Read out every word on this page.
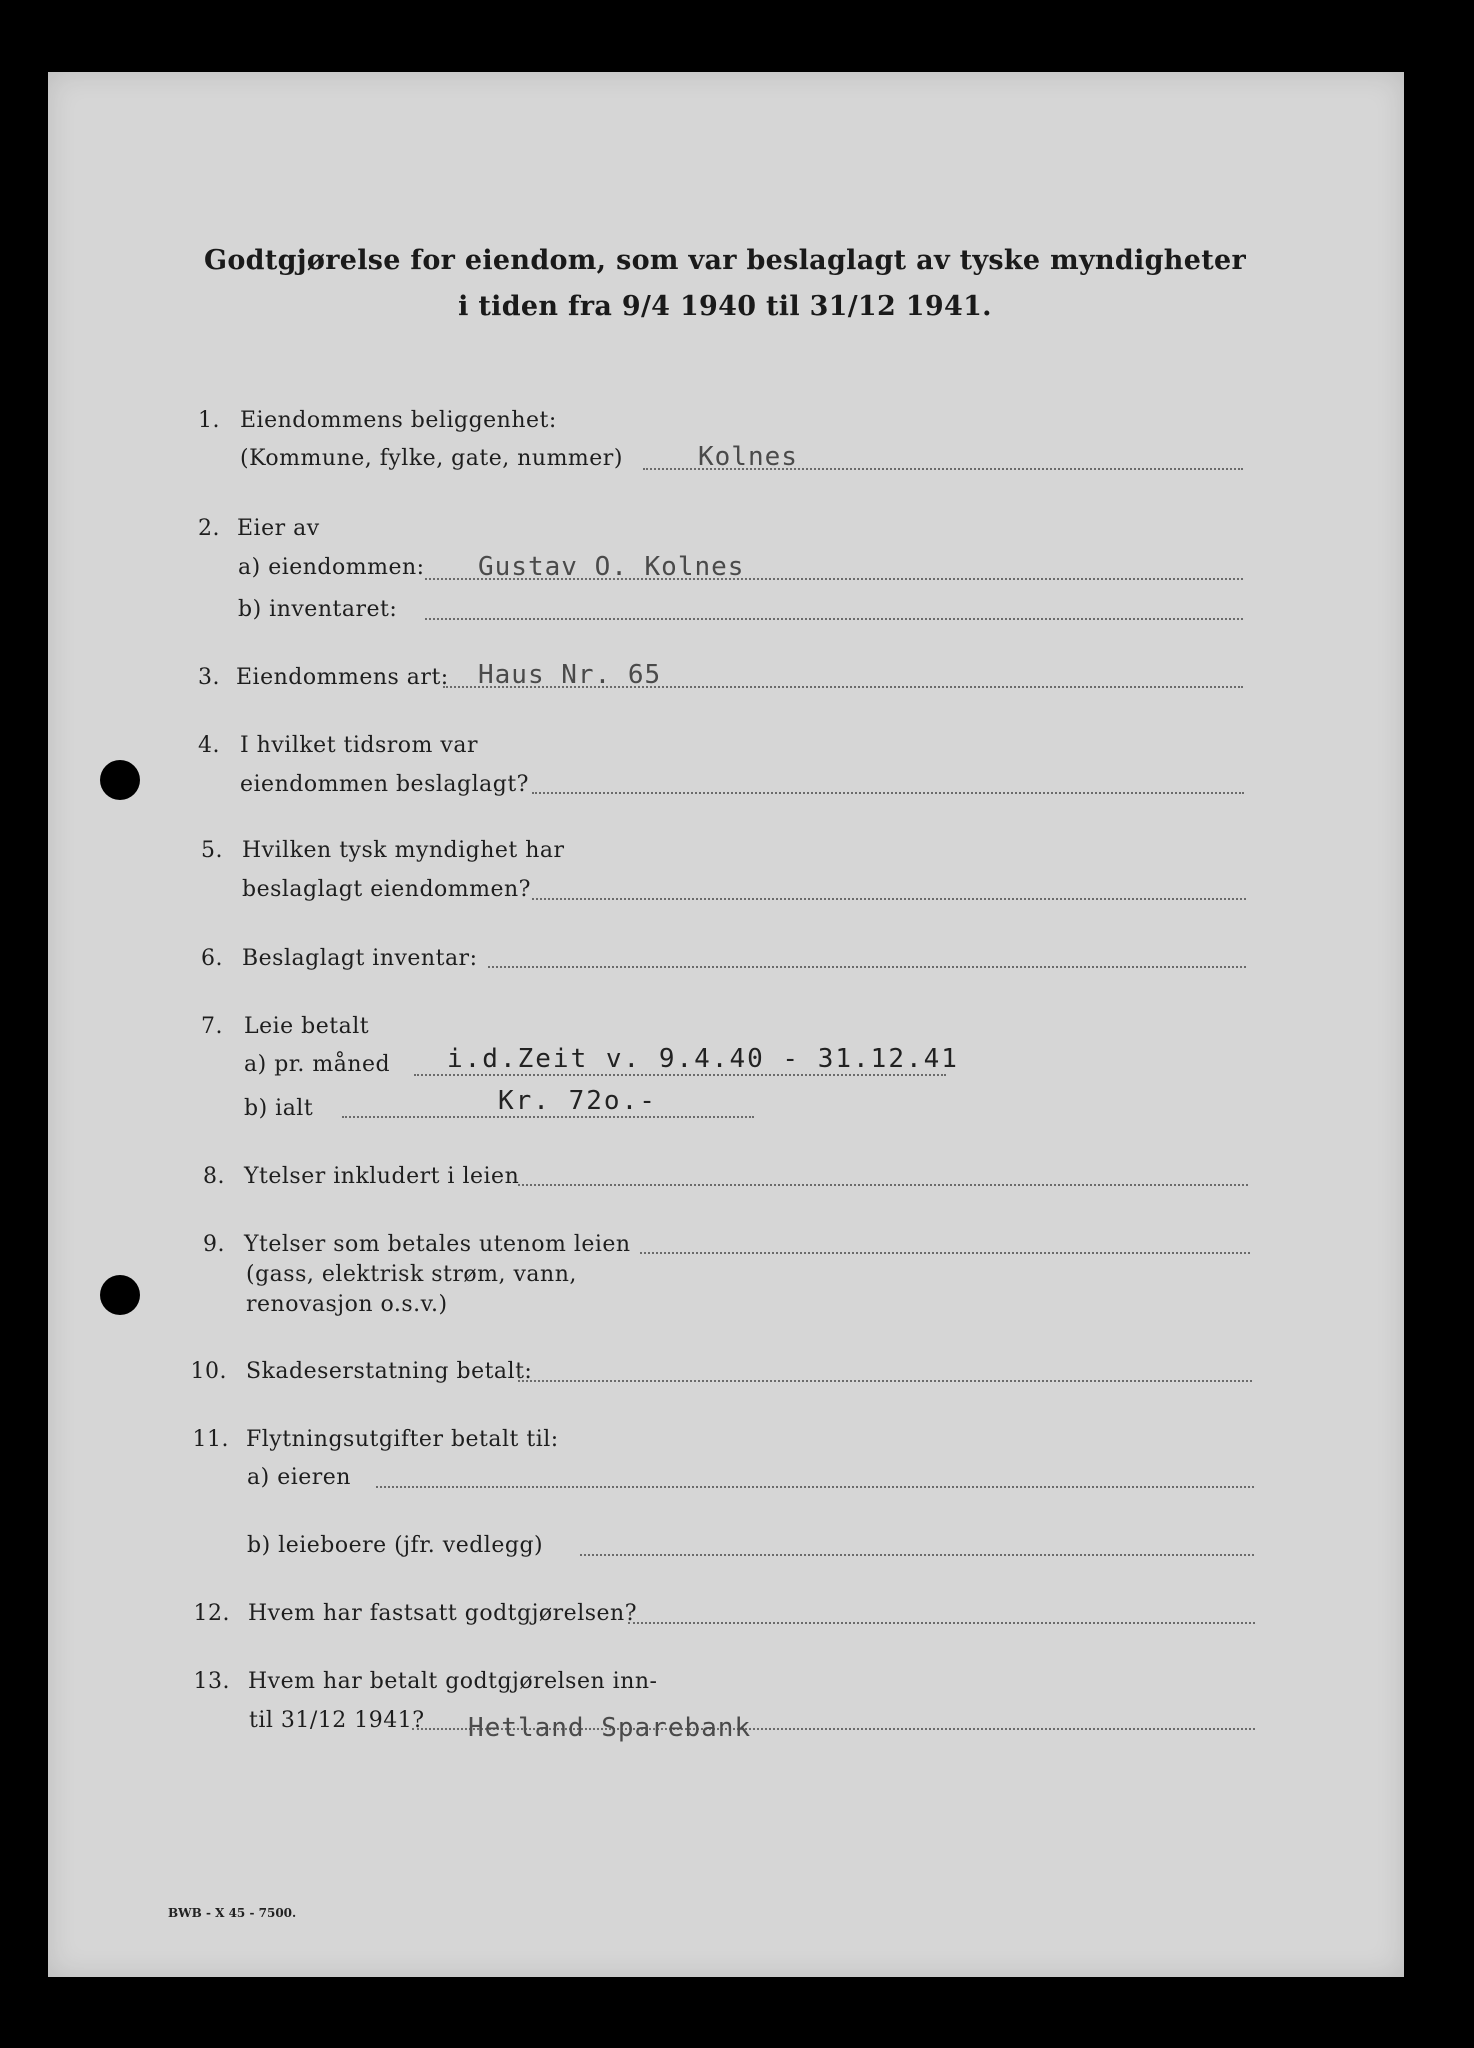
Godtgjørelse for eiendom, som var beslaglagt av tyske myndigheter
i tiden fra 9/4 1940 til 31/12 1941.
1. Eiendommens beliggenhet:
(Kommune, fylke, gate, nummer)	Kolnes
2. Eier av
a) eiendommen: Gustav O. Kolnes
b) inventaret:
3. Eiendommens art: Haus Nr. 65
4. I hvilket tidsrom var
eiendommen beslaglagt?
5. Hvilken tysk myndighet har
beslaglagt eiendommen?
6. Beslaglagt inventar:
7. Leie betalt
a) pr. måned i.d.Zeit v. 9.4.40 - 31.12.41
b) ialt	Kr. 72o.-
8. Ytelser inkludert i leien
9. Ytelser som betales utenom leien
(gass, elektrisk strøm, vann,
renovasjon o.s.v.)
10. Skadeserstatning betalt:
11. Flytningsutgifter betalt til:
a) eieren
b) leieboere (jfr. vedlegg)
12. Hvem har fastsatt godtgjørelsen?
13. Hvem har betalt godtgjørelsen inn-
til 31/12 1941? Hetland Sparebank
BWB - X 45 - 7500.
